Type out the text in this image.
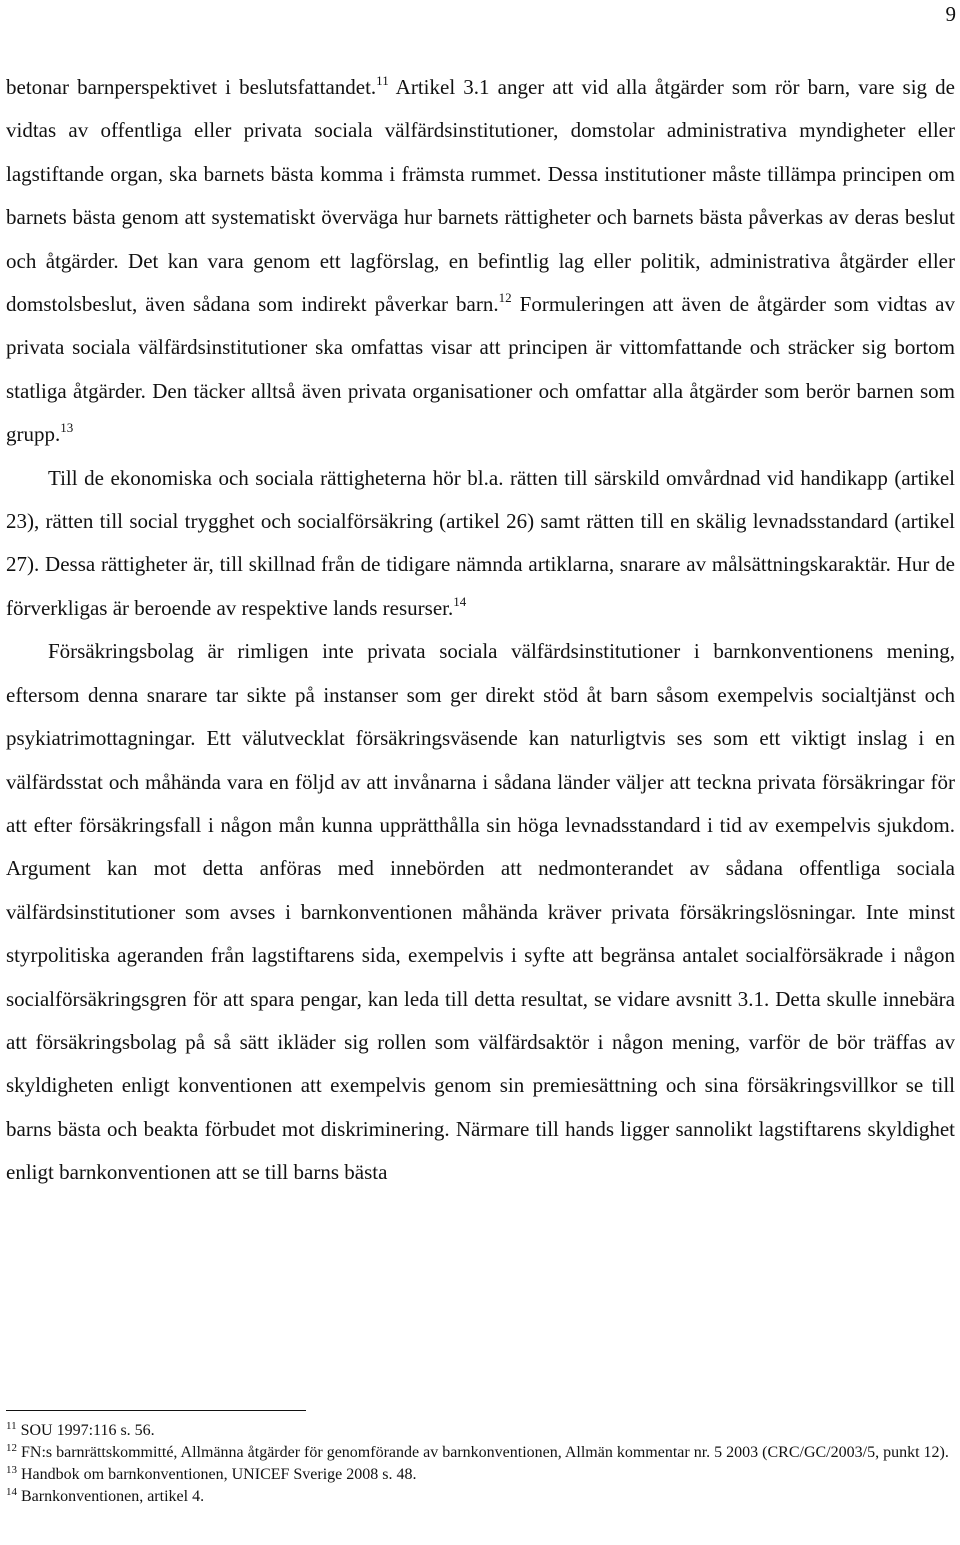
9

betonar barnperspektivet i beslutsfattandet.$^{11}$ Artikel 3.1 anger att vid alla åtgärder som rör barn, vare sig de vidtas av offentliga eller privata sociala välfärdsinstitutioner, domstolar administrativa myndigheter eller lagstiftande organ, ska barnets bästa komma i främsta rummet. Dessa institutioner måste tillämpa principen om barnets bästa genom att systematiskt överväga hur barnets rättigheter och barnets bästa påverkas av deras beslut och åtgärder. Det kan vara genom ett lagförslag, en befintlig lag eller politik, administrativa åtgärder eller domstolsbeslut, även sådana som indirekt påverkar barn.$^{12}$ Formuleringen att även de åtgärder som vidtas av privata sociala välfärdsinstitutioner ska omfattas visar att principen är vittomfattande och sträcker sig bortom statliga åtgärder. Den täcker alltså även privata organisationer och omfattar alla åtgärder som berör barnen som grupp.$^{13}$

Till de ekonomiska och sociala rättigheterna hör bl.a. rätten till särskild omvårdnad vid handikapp (artikel 23), rätten till social trygghet och socialförsäkring (artikel 26) samt rätten till en skälig levnadsstandard (artikel 27). Dessa rättigheter är, till skillnad från de tidigare nämnda artiklarna, snarare av målsättningskaraktär. Hur de förverkligas är beroende av respektive lands resurser.$^{14}$

Försäkringsbolag är rimligen inte privata sociala välfärdsinstitutioner i barnkonventionens mening, eftersom denna snarare tar sikte på instanser som ger direkt stöd åt barn såsom exempelvis socialtjänst och psykiatrimottagningar. Ett välutvecklat försäkringsväsende kan naturligtvis ses som ett viktigt inslag i en välfärdsstat och måhända vara en följd av att invånarna i sådana länder väljer att teckna privata försäkringar för att efter försäkringsfall i någon mån kunna upprätthålla sin höga levnadsstandard i tid av exempelvis sjukdom. Argument kan mot detta anföras med innebörden att nedmonterandet av sådana offentliga sociala välfärdsinstitutioner som avses i barnkonventionen måhända kräver privata försäkringslösningar. Inte minst styrpolitiska ageranden från lagstiftarens sida, exempelvis i syfte att begränsa antalet socialförsäkrade i någon socialförsäkringsgren för att spara pengar, kan leda till detta resultat, se vidare avsnitt 3.1. Detta skulle innebära att försäkringsbolag på så sätt ikläder sig rollen som välfärdsaktör i någon mening, varför de bör träffas av skyldigheten enligt konventionen att exempelvis genom sin premiesättning och sina försäkringsvillkor se till barns bästa och beakta förbudet mot diskriminering. Närmare till hands ligger sannolikt lagstiftarens skyldighet enligt barnkonventionen att se till barns bästa

$^{11}$ SOU 1997:116 s. 56.

$^{12}$ FN:s barnrättskommitté, Allmänna åtgärder för genomförande av barnkonventionen, Allmän kommentar nr. 5 2003 (CRC/GC/2003/5, punkt 12).

$^{13}$ Handbok om barnkonventionen, UNICEF Sverige 2008 s. 48.

$^{14}$ Barnkonventionen, artikel 4.
